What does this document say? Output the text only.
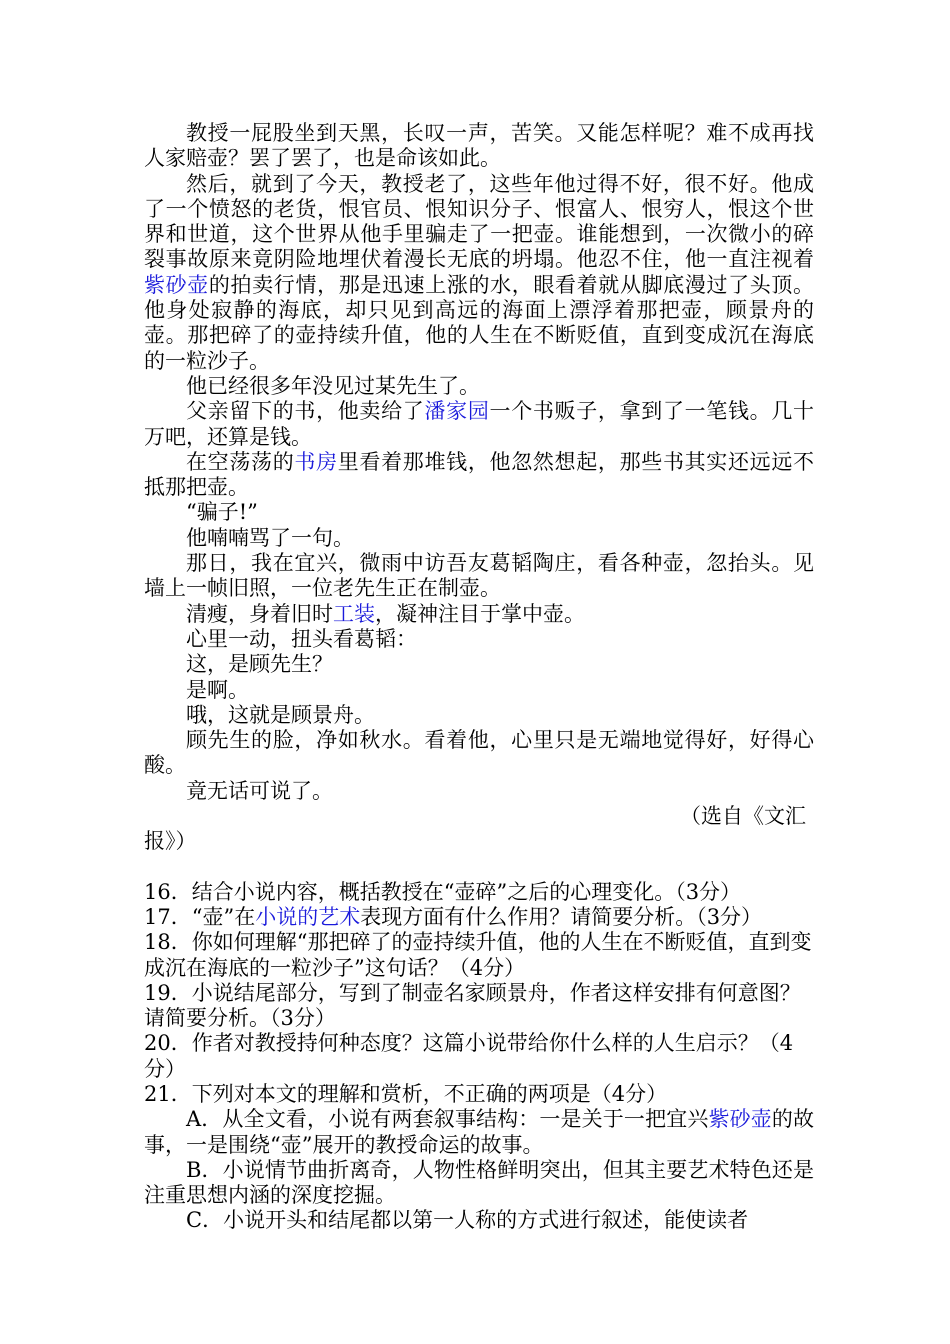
教授一屁股坐到天黑，长叹一声，苦笑。又能怎样呢？难不成再找人家赔壶？罢了罢了，也是命该如此。

然后，就到了今天，教授老了，这些年他过得不好，很不好。他成了一个愤怒的老货，恨官员、恨知识分子、恨富人、恨穷人，恨这个世界和世道，这个世界从他手里骗走了一把壶。谁能想到，一次微小的碎裂事故原来竟阴险地埋伏着漫长无底的坍塌。他忍不住，他一直注视着紫砂壶的拍卖行情，那是迅速上涨的水，眼看着就从脚底漫过了头顶。他身处寂静的海底，却只见到高远的海面上漂浮着那把壶，顾景舟的壶。那把碎了的壶持续升值，他的人生在不断贬值，直到变成沉在海底的一粒沙子。

他已经很多年没见过某先生了。

父亲留下的书，他卖给了潘家园一个书贩子，拿到了一笔钱。几十万吧，还算是钱。

在空荡荡的书房里看着那堆钱，他忽然想起，那些书其实还远远不抵那把壶。

“骗子!”

他喃喃骂了一句。

那日，我在宜兴，微雨中访吾友葛韬陶庄，看各种壶，忽抬头。见墙上一帧旧照，一位老先生正在制壶。

清瘦，身着旧时工装，凝神注目于掌中壶。

心里一动，扭头看葛韬：

这，是顾先生？

是啊。

哦，这就是顾景舟。

顾先生的脸，净如秋水。看着他，心里只是无端地觉得好，好得心酸。

竟无话可说了。

（选自《文汇

报》）

16．结合小说内容，概括教授在“壶碎”之后的心理变化。（3分）

17．“壶”在小说的艺术表现方面有什么作用？请简要分析。（3分）

18．你如何理解“那把碎了的壶持续升值，他的人生在不断贬值，直到变成沉在海底的一粒沙子”这句话？（4分）

19．小说结尾部分，写到了制壶名家顾景舟，作者这样安排有何意图？请简要分析。（3分）

20．作者对教授持何种态度？这篇小说带给你什么样的人生启示？（4分）

21．下列对本文的理解和赏析，不正确的两项是（4分）

A．从全文看，小说有两套叙事结构：一是关于一把宜兴紫砂壶的故事，一是围绕“壶”展开的教授命运的故事。

B．小说情节曲折离奇，人物性格鲜明突出，但其主要艺术特色还是注重思想内涵的深度挖掘。

C．小说开头和结尾都以第一人称的方式进行叙述，能使读者
